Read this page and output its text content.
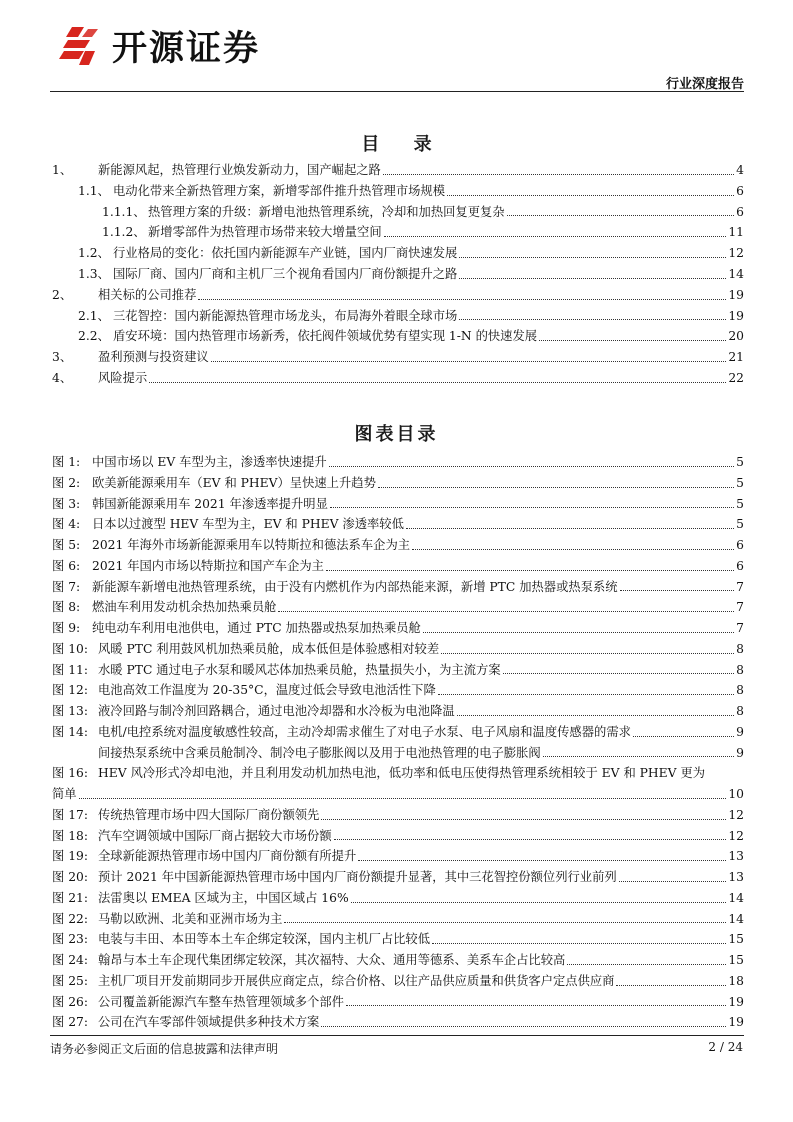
开源证券
行业深度报告
目 录
1、	新能源风起，热管理行业焕发新动力，国产崛起之路	4
1.1、 电动化带来全新热管理方案，新增零部件推升热管理市场规模	6
1.1.1、 热管理方案的升级：新增电池热管理系统，冷却和加热回复更复杂	6
1.1.2、 新增零部件为热管理市场带来较大增量空间	11
1.2、 行业格局的变化：依托国内新能源车产业链，国内厂商快速发展	12
1.3、 国际厂商、国内厂商和主机厂三个视角看国内厂商份额提升之路	14
2、	相关标的公司推荐	19
2.1、 三花智控：国内新能源热管理市场龙头，布局海外着眼全球市场	19
2.2、 盾安环境：国内热管理市场新秀，依托阀件领域优势有望实现 1-N 的快速发展	20
3、	盈利预测与投资建议	21
4、	风险提示	22
图表目录
图 1: 中国市场以 EV 车型为主，渗透率快速提升	5
图 2: 欧美新能源乘用车（EV 和 PHEV）呈快速上升趋势	5
图 3: 韩国新能源乘用车 2021 年渗透率提升明显	5
图 4: 日本以过渡型 HEV 车型为主，EV 和 PHEV 渗透率较低	5
图 5: 2021 年海外市场新能源乘用车以特斯拉和德法系车企为主	6
图 6: 2021 年国内市场以特斯拉和国产车企为主	6
图 7: 新能源车新增电池热管理系统，由于没有内燃机作为内部热能来源，新增 PTC 加热器或热泵系统	7
图 8: 燃油车利用发动机余热加热乘员舱	7
图 9: 纯电动车利用电池供电，通过 PTC 加热器或热泵加热乘员舱	7
图 10: 风暖 PTC 利用鼓风机加热乘员舱，成本低但是体验感相对较差	8
图 11: 水暖 PTC 通过电子水泵和暖风芯体加热乘员舱，热量损失小，为主流方案	8
图 12: 电池高效工作温度为 20-35°C，温度过低会导致电池活性下降	8
图 13: 液冷回路与制冷剂回路耦合，通过电池冷却器和水冷板为电池降温	8
图 14: 电机/电控系统对温度敏感性较高，主动冷却需求催生了对电子水泵、电子风扇和温度传感器的需求	9
间接热泵系统中含乘员舱制冷、制冷电子膨胀阀以及用于电池热管理的电子膨胀阀	9
图 16: HEV 风冷形式冷却电池，并且利用发动机加热电池，低功率和低电压使得热管理系统相较于 EV 和 PHEV 更为
简单	10
图 17: 传统热管理市场中四大国际厂商份额领先	12
图 18: 汽车空调领域中国际厂商占据较大市场份额	12
图 19: 全球新能源热管理市场中国内厂商份额有所提升	13
图 20: 预计 2021 年中国新能源热管理市场中国内厂商份额提升显著，其中三花智控份额位列行业前列	13
图 21: 法雷奥以 EMEA 区域为主，中国区域占 16%	14
图 22: 马勒以欧洲、北美和亚洲市场为主	14
图 23: 电装与丰田、本田等本土车企绑定较深，国内主机厂占比较低	15
图 24: 翰昂与本土车企现代集团绑定较深，其次福特、大众、通用等德系、美系车企占比较高	15
图 25: 主机厂项目开发前期同步开展供应商定点，综合价格、以往产品供应质量和供货客户定点供应商	18
图 26: 公司覆盖新能源汽车整车热管理领域多个部件	19
图 27: 公司在汽车零部件领域提供多种技术方案	19
请务必参阅正文后面的信息披露和法律声明	2 / 24
